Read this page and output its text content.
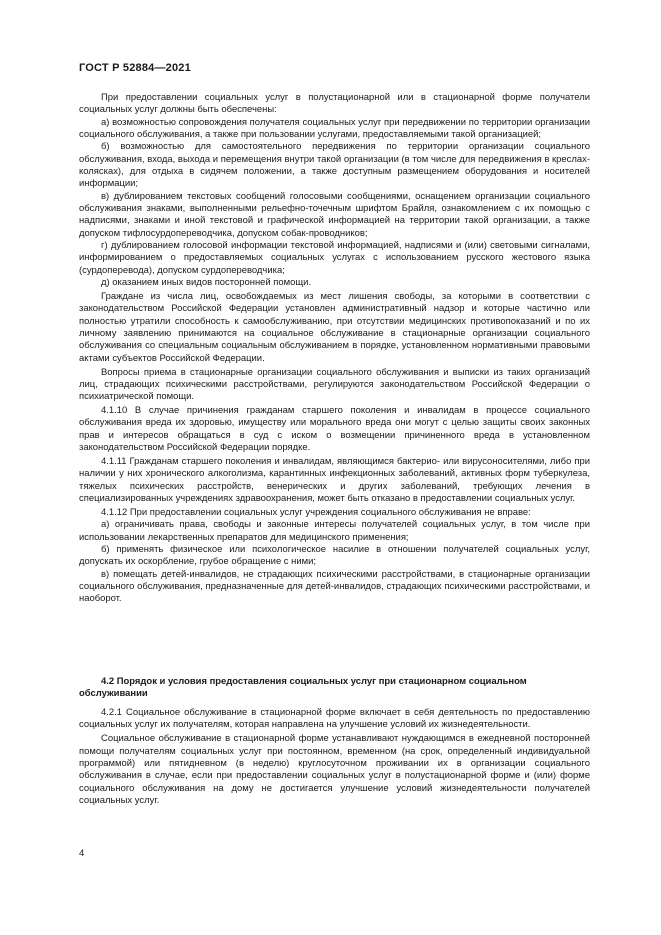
ГОСТ Р 52884—2021

При предоставлении социальных услуг в полустационарной или в стационарной форме получатели социальных услуг должны быть обеспечены:

а) возможностью сопровождения получателя социальных услуг при передвижении по территории организации социального обслуживания, а также при пользовании услугами, предоставляемыми такой организацией;

б) возможностью для самостоятельного передвижения по территории организации социального обслуживания, входа, выхода и перемещения внутри такой организации (в том числе для передвижения в креслах-колясках), для отдыха в сидячем положении, а также доступным размещением оборудования и носителей информации;

в) дублированием текстовых сообщений голосовыми сообщениями, оснащением организации социального обслуживания знаками, выполненными рельефно-точечным шрифтом Брайля, ознакомлением с их помощью с надписями, знаками и иной текстовой и графической информацией на территории такой организации, а также допуском тифлосурдопереводчика, допуском собак-проводников;

г) дублированием голосовой информации текстовой информацией, надписями и (или) световыми сигналами, информированием о предоставляемых социальных услугах с использованием русского жестового языка (сурдоперевода), допуском сурдопереводчика;

д) оказанием иных видов посторонней помощи.

Граждане из числа лиц, освобождаемых из мест лишения свободы, за которыми в соответствии с законодательством Российской Федерации установлен административный надзор и которые частично или полностью утратили способность к самообслуживанию, при отсутствии медицинских противопоказаний и по их личному заявлению принимаются на социальное обслуживание в стационарные организации социального обслуживания со специальным социальным обслуживанием в порядке, установленном нормативными правовыми актами субъектов Российской Федерации.

Вопросы приема в стационарные организации социального обслуживания и выписки из таких организаций лиц, страдающих психическими расстройствами, регулируются законодательством Российской Федерации о психиатрической помощи.

4.1.10 В случае причинения гражданам старшего поколения и инвалидам в процессе социального обслуживания вреда их здоровью, имуществу или морального вреда они могут с целью защиты своих законных прав и интересов обращаться в суд с иском о возмещении причиненного вреда в установленном законодательством Российской Федерации порядке.

4.1.11 Гражданам старшего поколения и инвалидам, являющимся бактерио- или вирусоносителями, либо при наличии у них хронического алкоголизма, карантинных инфекционных заболеваний, активных форм туберкулеза, тяжелых психических расстройств, венерических и других заболеваний, требующих лечения в специализированных учреждениях здравоохранения, может быть отказано в предоставлении социальных услуг.

4.1.12 При предоставлении социальных услуг учреждения социального обслуживания не вправе:

а) ограничивать права, свободы и законные интересы получателей социальных услуг, в том числе при использовании лекарственных препаратов для медицинского применения;

б) применять физическое или психологическое насилие в отношении получателей социальных услуг, допускать их оскорбление, грубое обращение с ними;

в) помещать детей-инвалидов, не страдающих психическими расстройствами, в стационарные организации социального обслуживания, предназначенные для детей-инвалидов, страдающих психическими расстройствами, и наоборот.

4.2 Порядок и условия предоставления социальных услуг при стационарном социальном обслуживании

4.2.1 Социальное обслуживание в стационарной форме включает в себя деятельность по предоставлению социальных услуг их получателям, которая направлена на улучшение условий их жизнедеятельности.

Социальное обслуживание в стационарной форме устанавливают нуждающимся в ежедневной посторонней помощи получателям социальных услуг при постоянном, временном (на срок, определенный индивидуальной программой) или пятидневном (в неделю) круглосуточном проживании их в организации социального обслуживания в случае, если при предоставлении социальных услуг в полустационарной форме и (или) форме социального обслуживания на дому не достигается улучшение условий жизнедеятельности получателей социальных услуг.

4
